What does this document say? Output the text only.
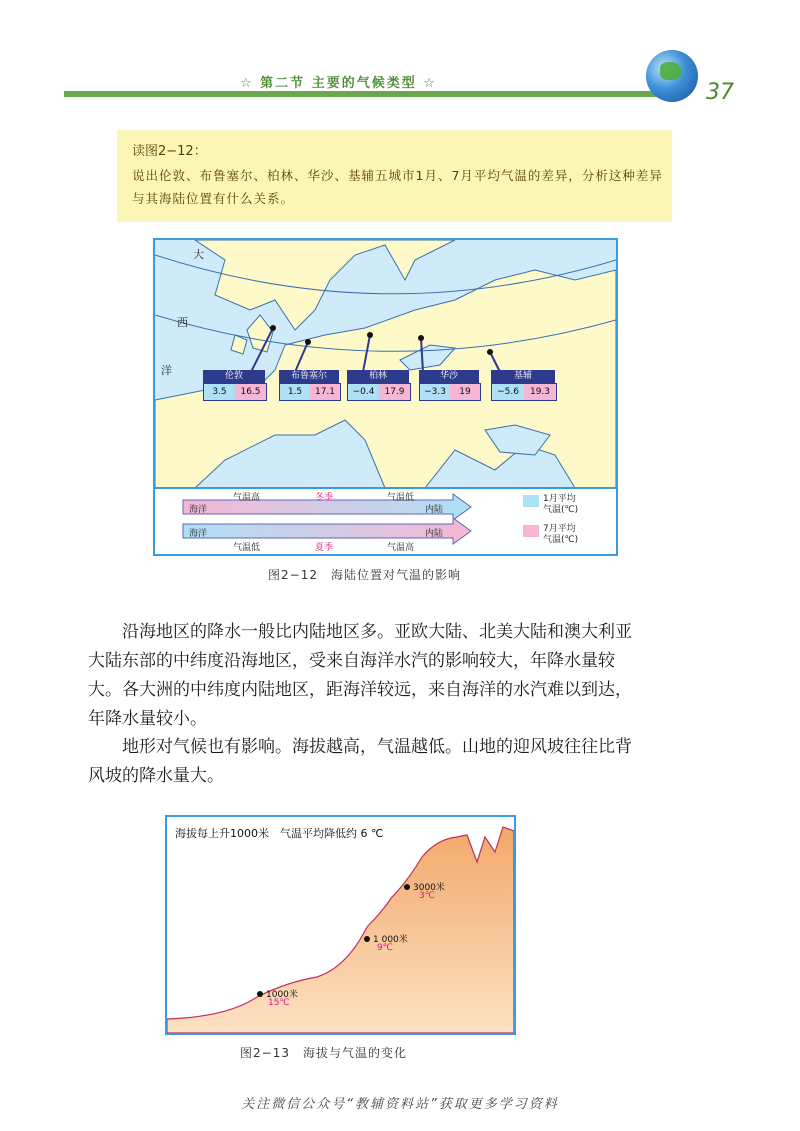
☆ 第二节 主要的气候类型 ☆	37
读图2−12：
说出伦敦、布鲁塞尔、柏林、华沙、基辅五城市1月、7月平均气温的差异，分析这种差异与其海陆位置有什么关系。
大
西
洋	伦敦
3.5	16.5
布鲁塞尔
1.5	17.1
柏林
−0.4	17.9
华沙
−3.3	19
基辅
−5.6	19.3
气温高	冬季	气温低
海洋	内陆
海洋	内陆
气温低	夏季	气温高
1月平均
气温(℃)
7月平均
气温(℃)
图2−12　海陆位置对气温的影响
　　沿海地区的降水一般比内陆地区多。亚欧大陆、北美大陆和澳大利亚大陆东部的中纬度沿海地区，受来自海洋水汽的影响较大，年降水量较大。各大洲的中纬度内陆地区，距海洋较远，来自海洋的水汽难以到达，年降水量较小。
　　地形对气候也有影响。海拔越高，气温越低。山地的迎风坡往往比背风坡的降水量大。
海拔每上升1000米　气温平均降低约 6 ℃
1000米
15℃
1 000米
9℃
3000米
3℃
图2−13　海拔与气温的变化
关注微信公众号“教辅资料站”获取更多学习资料
